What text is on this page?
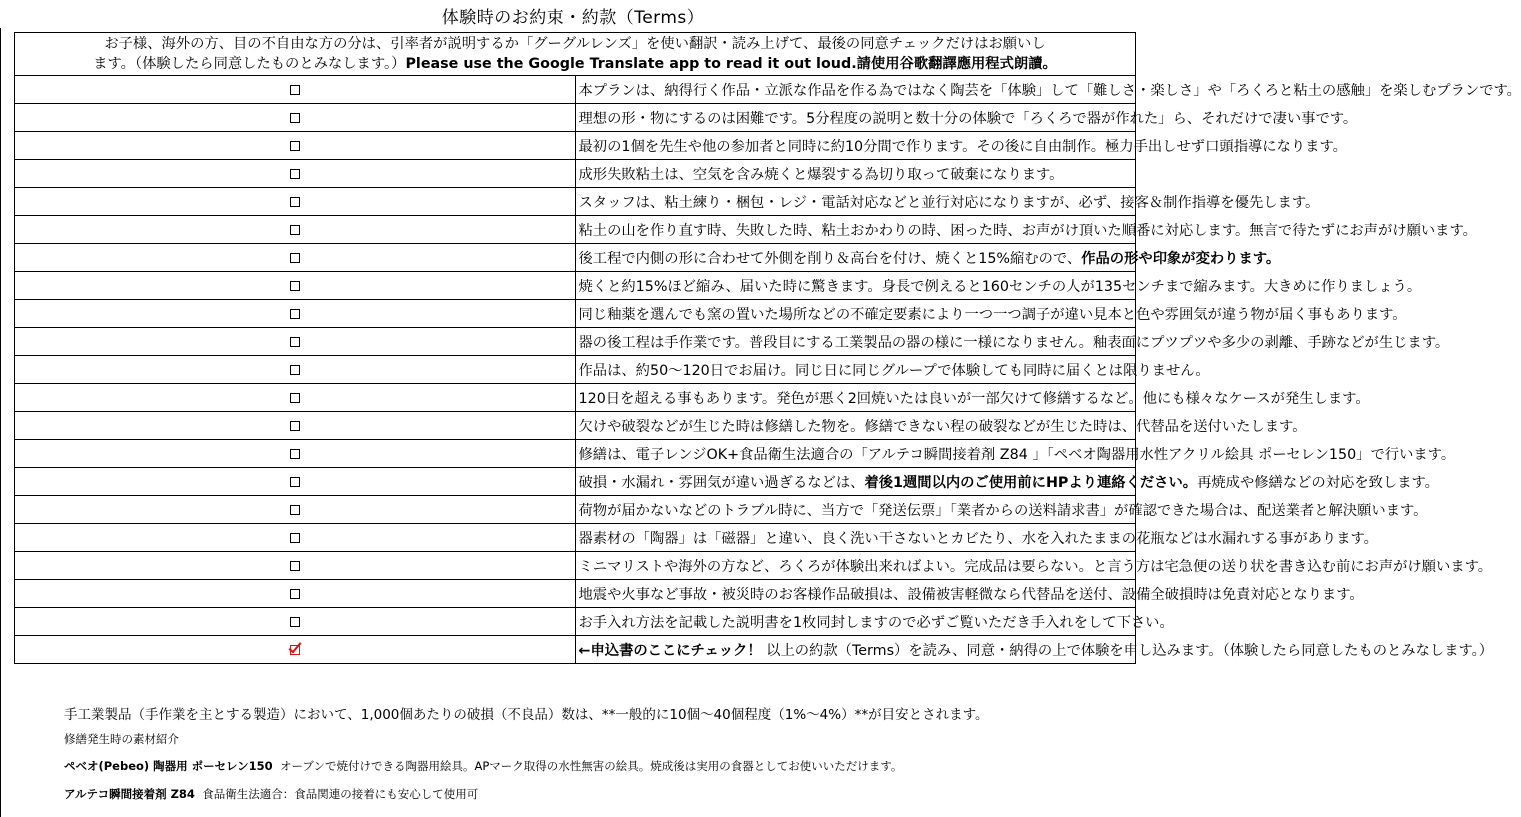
体験時のお約束・約款（Terms）
お子様、海外の方、目の不自由な方の分は、引率者が説明するか「グーグルレンズ」を使い翻訳・読み上げて、最後の同意チェックだけはお願いし
ます。（体験したら同意したものとみなします。）Please use the Google Translate app to read it out loud.請使用谷歌翻譯應用程式朗讀。	

	本プランは、納得行く作品・立派な作品を作る為ではなく陶芸を「体験」して「難しさ・楽しさ」や「ろくろと粘土の感触」を楽しむプランです。
	理想の形・物にするのは困難です。5分程度の説明と数十分の体験で「ろくろで器が作れた」ら、それだけで凄い事です。
	最初の1個を先生や他の参加者と同時に約10分間で作ります。その後に自由制作。極力手出しせず口頭指導になります。
	成形失敗粘土は、空気を含み焼くと爆裂する為切り取って破棄になります。
	スタッフは、粘土練り・梱包・レジ・電話対応などと並行対応になりますが、必ず、接客＆制作指導を優先します。
	粘土の山を作り直す時、失敗した時、粘土おかわりの時、困った時、お声がけ頂いた順番に対応します。無言で待たずにお声がけ願います。
	後工程で内側の形に合わせて外側を削り＆高台を付け、焼くと15%縮むので、作品の形や印象が変わります。
	焼くと約15%ほど縮み、届いた時に驚きます。身長で例えると160センチの人が135センチまで縮みます。大きめに作りましょう。
	同じ釉薬を選んでも窯の置いた場所などの不確定要素により一つ一つ調子が違い見本と色や雰囲気が違う物が届く事もあります。
	器の後工程は手作業です。普段目にする工業製品の器の様に一様になりません。釉表面にプツプツや多少の剥離、手跡などが生じます。
	作品は、約50～120日でお届け。同じ日に同じグループで体験しても同時に届くとは限りません。
	120日を超える事もあります。発色が悪く2回焼いたは良いが一部欠けて修繕するなど。他にも様々なケースが発生します。
	欠けや破裂などが生じた時は修繕した物を。修繕できない程の破裂などが生じた時は、代替品を送付いたします。
	修繕は、電子レンジOK+食品衛生法適合の「アルテコ瞬間接着剤 Z84 」「ペベオ陶器用水性アクリル絵具 ポーセレン150」で行います。
	破損・水漏れ・雰囲気が違い過ぎるなどは、着後1週間以内のご使用前にHPより連絡ください。再焼成や修繕などの対応を致します。
	荷物が届かないなどのトラブル時に、当方で「発送伝票」「業者からの送料請求書」が確認できた場合は、配送業者と解決願います。
	器素材の「陶器」は「磁器」と違い、良く洗い干さないとカビたり、水を入れたままの花瓶などは水漏れする事があります。
	ミニマリストや海外の方など、ろくろが体験出来ればよい。完成品は要らない。と言う方は宅急便の送り状を書き込む前にお声がけ願います。
	地震や火事など事故・被災時のお客様作品破損は、設備被害軽微なら代替品を送付、設備全破損時は免責対応となります。
	お手入れ方法を記載した説明書を1枚同封しますので必ずご覧いただき手入れをして下さい。
	←申込書のここにチェック！ 以上の約款（Terms）を読み、同意・納得の上で体験を申し込みます。（体験したら同意したものとみなします。）
手工業製品（手作業を主とする製造）において、1,000個あたりの破損（不良品）数は、**一般的に10個～40個程度（1%～4%）**が目安とされます。
修繕発生時の素材紹介
ペベオ(Pebeo) 陶器用 ポーセレン150 オーブンで焼付けできる陶器用絵具。APマーク取得の水性無害の絵具。焼成後は実用の食器としてお使いいただけます。
アルテコ瞬間接着剤 Z84 食品衛生法適合：食品関連の接着にも安心して使用可
